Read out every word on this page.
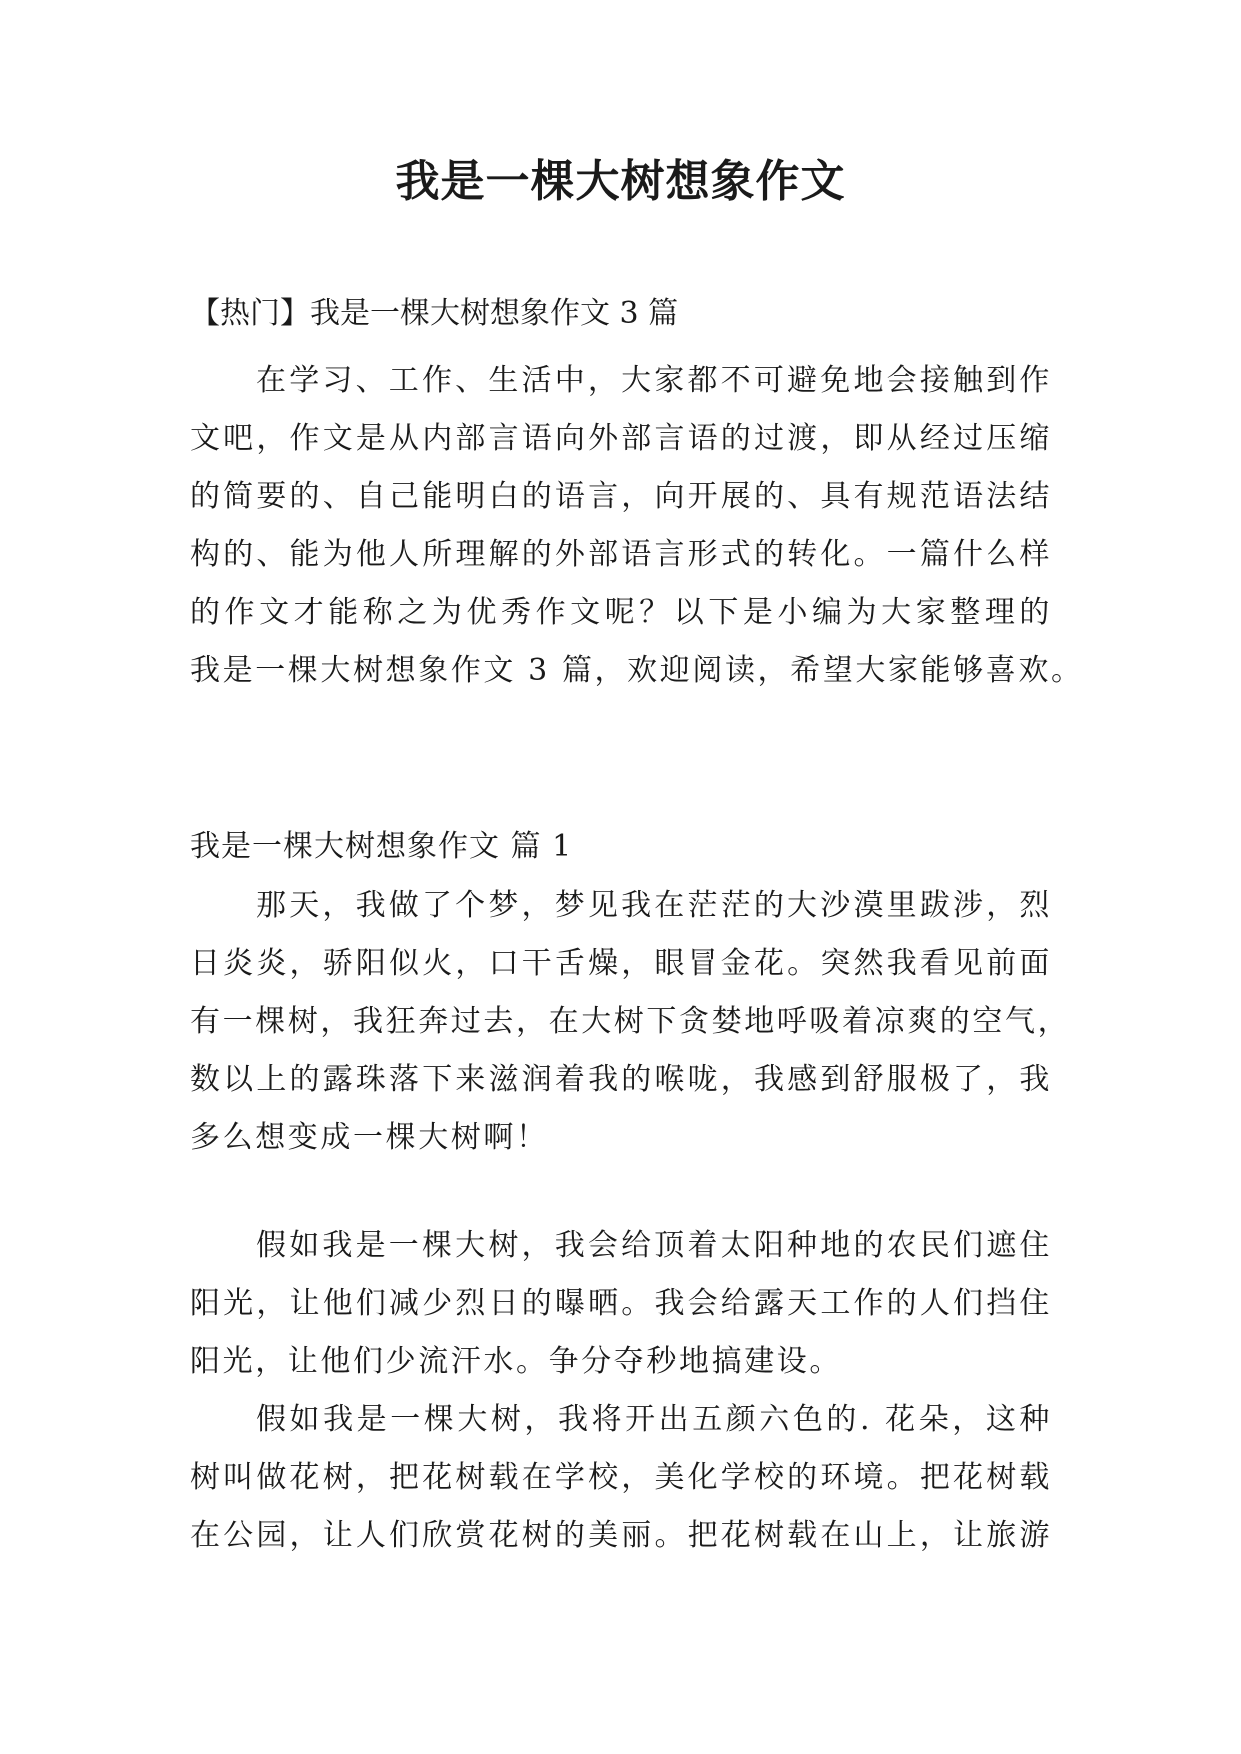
我是一棵大树想象作文

【热门】我是一棵大树想象作文 3 篇

在学习、工作、生活中，大家都不可避免地会接触到作
文吧，作文是从内部言语向外部言语的过渡，即从经过压缩
的简要的、自己能明白的语言，向开展的、具有规范语法结
构的、能为他人所理解的外部语言形式的转化。一篇什么样
的作文才能称之为优秀作文呢？以下是小编为大家整理的
我是一棵大树想象作文 3 篇，欢迎阅读，希望大家能够喜欢。

我是一棵大树想象作文 篇 1

那天，我做了个梦，梦见我在茫茫的大沙漠里跋涉，烈
日炎炎，骄阳似火，口干舌燥，眼冒金花。突然我看见前面
有一棵树，我狂奔过去，在大树下贪婪地呼吸着凉爽的空气，
数以上的露珠落下来滋润着我的喉咙，我感到舒服极了，我
多么想变成一棵大树啊！

假如我是一棵大树，我会给顶着太阳种地的农民们遮住
阳光，让他们减少烈日的曝晒。我会给露天工作的人们挡住
阳光，让他们少流汗水。争分夺秒地搞建设。

假如我是一棵大树，我将开出五颜六色的. 花朵，这种
树叫做花树，把花树载在学校，美化学校的环境。把花树载
在公园，让人们欣赏花树的美丽。把花树载在山上，让旅游
